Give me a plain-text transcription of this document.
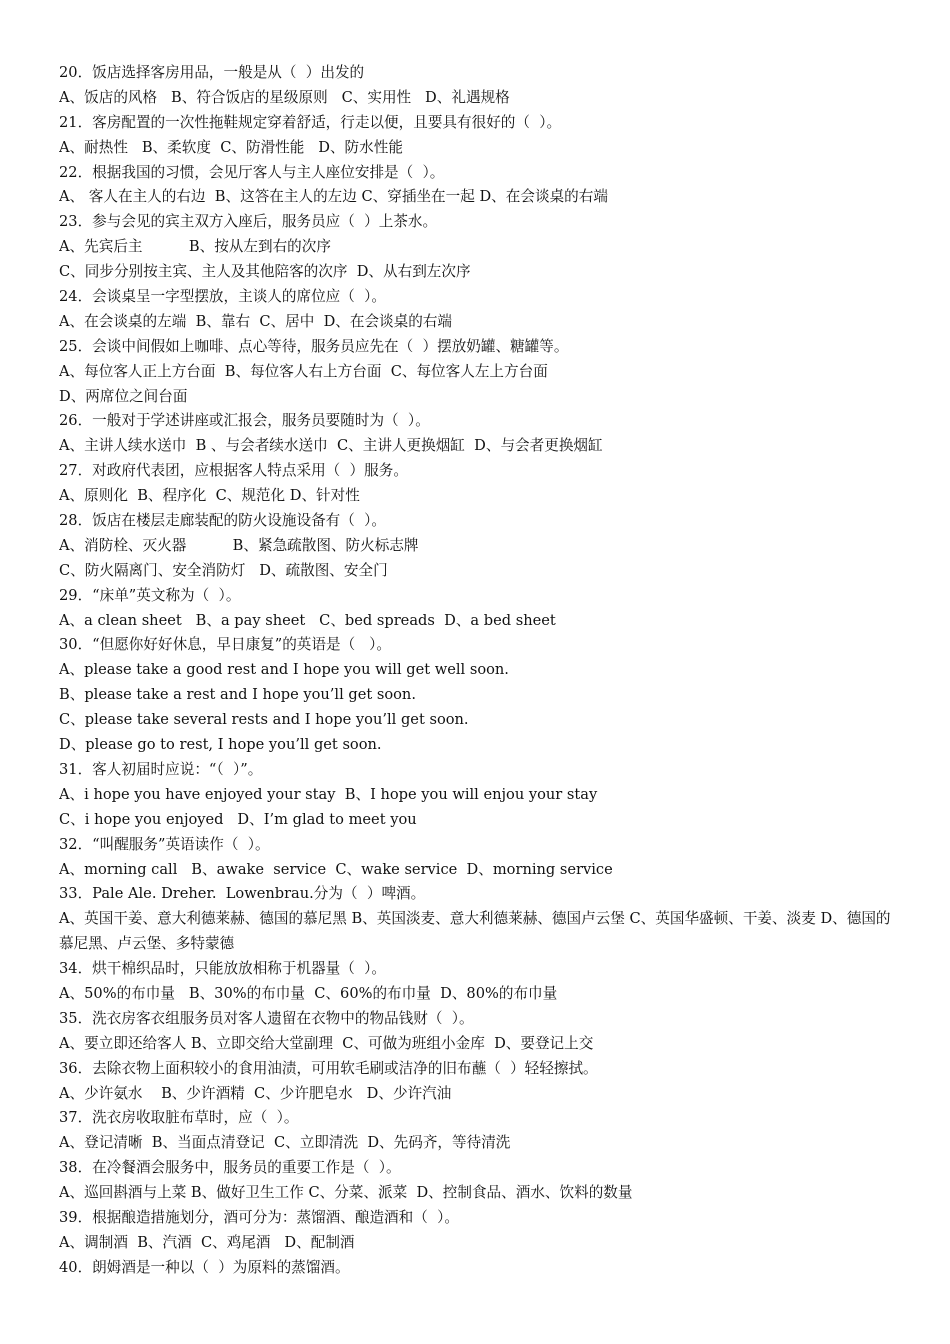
20．饭店选择客房用品，一般是从（  ）出发的
A、饭店的风格   B、符合饭店的星级原则   C、实用性   D、礼遇规格
21．客房配置的一次性拖鞋规定穿着舒适，行走以便，且要具有很好的（  ）。
A、耐热性   B、柔软度  C、防滑性能   D、防水性能
22．根据我国的习惯，会见厅客人与主人座位安排是（  ）。
A、 客人在主人的右边  B、这答在主人的左边 C、穿插坐在一起 D、在会谈桌的右端
23．参与会见的宾主双方入座后，服务员应（  ）上茶水。
A、先宾后主          B、按从左到右的次序
C、同步分别按主宾、主人及其他陪客的次序  D、从右到左次序
24．会谈桌呈一字型摆放，主谈人的席位应（  ）。
A、在会谈桌的左端  B、靠右  C、居中  D、在会谈桌的右端
25．会谈中间假如上咖啡、点心等待，服务员应先在（  ）摆放奶罐、糖罐等。
A、每位客人正上方台面  B、每位客人右上方台面  C、每位客人左上方台面
D、两席位之间台面
26．一般对于学述讲座或汇报会，服务员要随时为（  ）。
A、主讲人续水送巾  B 、与会者续水送巾  C、主讲人更换烟缸  D、与会者更换烟缸
27．对政府代表团，应根据客人特点采用（  ）服务。
A、原则化  B、程序化  C、规范化 D、针对性
28．饭店在楼层走廊装配的防火设施设备有（  ）。
A、消防栓、灭火器          B、紧急疏散图、防火标志牌
C、防火隔离门、安全消防灯   D、疏散图、安全门
29．“床单”英文称为（  ）。
A、a clean sheet   B、a pay sheet   C、bed spreads  D、a bed sheet
30．“但愿你好好休息，早日康复”的英语是（   ）。
A、please take a good rest and I hope you will get well soon.
B、please take a rest and I hope you’ll get soon.
C、please take several rests and I hope you’ll get soon.
D、please go to rest, I hope you’ll get soon.
31．客人初届时应说：“（  ）”。
A、i hope you have enjoyed your stay  B、I hope you will enjou your stay
C、i hope you enjoyed   D、I’m glad to meet you
32．“叫醒服务”英语读作（  ）。
A、morning call   B、awake  service  C、wake service  D、morning service
33．Pale Ale. Dreher.  Lowenbrau.分为（  ）啤酒。
A、英国干姜、意大利德莱赫、德国的慕尼黑 B、英国淡麦、意大利德莱赫、德国卢云堡 C、英国华盛顿、干姜、淡麦 D、德国的慕尼黑、卢云堡、多特蒙德
34．烘干棉织品时，只能放放相称于机器量（  ）。
A、50%的布巾量   B、30%的布巾量  C、60%的布巾量  D、80%的布巾量
35．洗衣房客衣组服务员对客人遗留在衣物中的物品钱财（  ）。
A、要立即还给客人 B、立即交给大堂副理  C、可做为班组小金库  D、要登记上交
36．去除衣物上面积较小的食用油渍，可用软毛刷或洁净的旧布蘸（  ）轻轻擦拭。
A、少许氨水    B、少许酒精  C、少许肥皂水   D、少许汽油
37．洗衣房收取脏布草时，应（  ）。
A、登记清晰  B、当面点清登记  C、立即清洗  D、先码齐，等待清洗
38．在冷餐酒会服务中，服务员的重要工作是（  ）。
A、巡回斟酒与上菜 B、做好卫生工作 C、分菜、派菜  D、控制食品、酒水、饮料的数量
39．根据酿造措施划分，酒可分为：蒸馏酒、酿造酒和（  ）。
A、调制酒  B、汽酒  C、鸡尾酒   D、配制酒
40．朗姆酒是一种以（  ）为原料的蒸馏酒。
